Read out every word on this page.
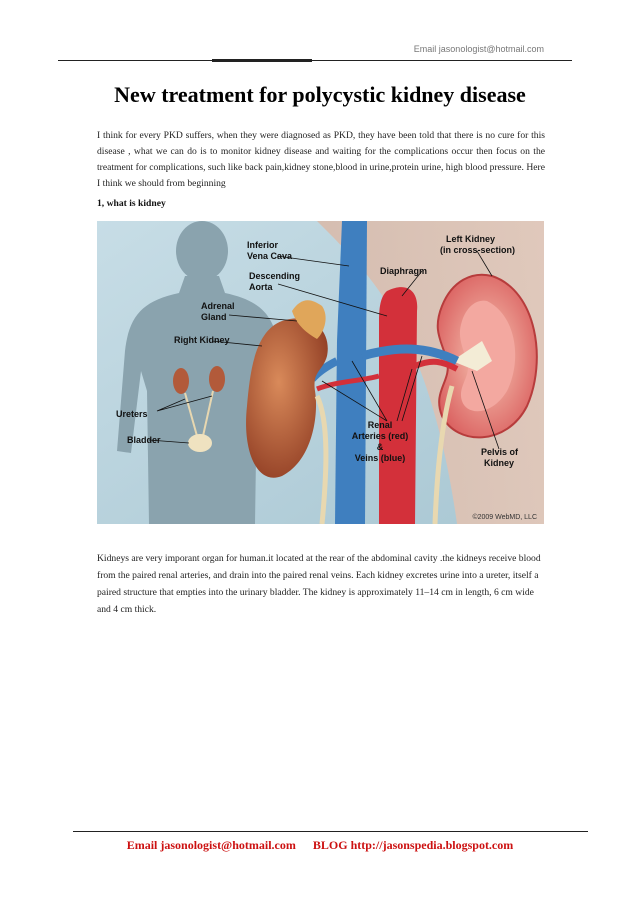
Email jasonologist@hotmail.com
New treatment for polycystic kidney disease

I think for every PKD suffers, when they were diagnosed as PKD, they have been told that there is no cure for this disease , what we can do is to monitor kidney disease and waiting for the complications occur then focus on the treatment for complications, such like back pain,kidney stone,blood in urine,protein urine, high blood pressure. Here I think we should from beginning

1, what is kidney
Inferior
Vena Cava
Descending
Aorta
Diaphragm
Left Kidney
(in cross-section)
Adrenal
Gland
Right Kidney
Ureters
Bladder
Renal
Arteries (red)
&
Veins (blue)
Pelvis of
Kidney
©2009 WebMD, LLC

Kidneys are very imporant organ for human.it located at the rear of the abdominal cavity .the kidneys receive blood from the paired renal arteries, and drain into the paired renal veins. Each kidney excretes urine into a ureter, itself a paired structure that empties into the urinary bladder. The kidney is approximately 11–14 cm in length, 6 cm wide and 4 cm thick.

Email jasonologist@hotmail.com BLOG http://jasonspedia.blogspot.com
